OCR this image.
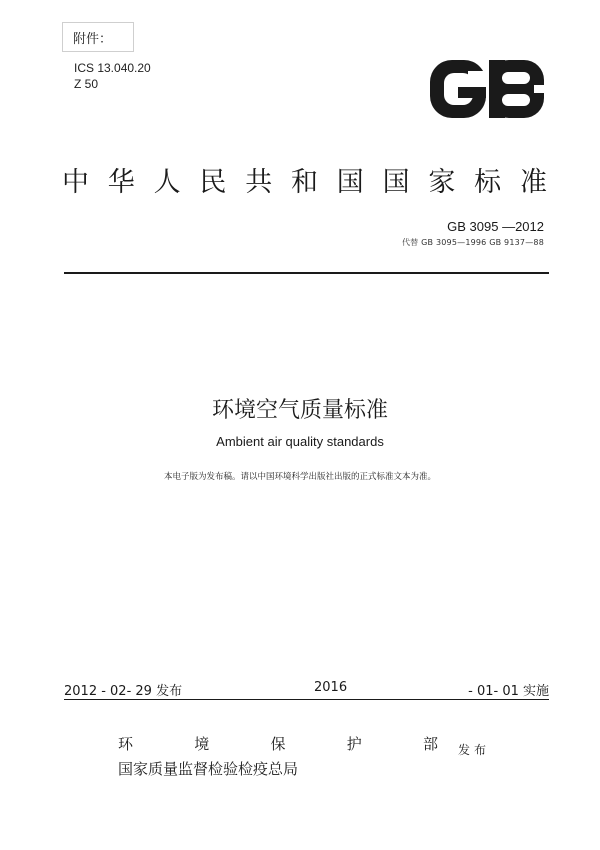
附件：
ICS 13.040.20
Z 50
中 华 人 民 共 和 国 国 家 标 准
GB 3095 —2012
代替 GB 3095—1996 GB 9137—88
环境空气质量标准
Ambient air quality standards
本电子版为发布稿。请以中国环境科学出版社出版的正式标准文本为准。
2012 - 02- 29 发布	2016	- 01- 01 实施
环	境	保	护	部
国家质量监督检验检疫总局
发布
